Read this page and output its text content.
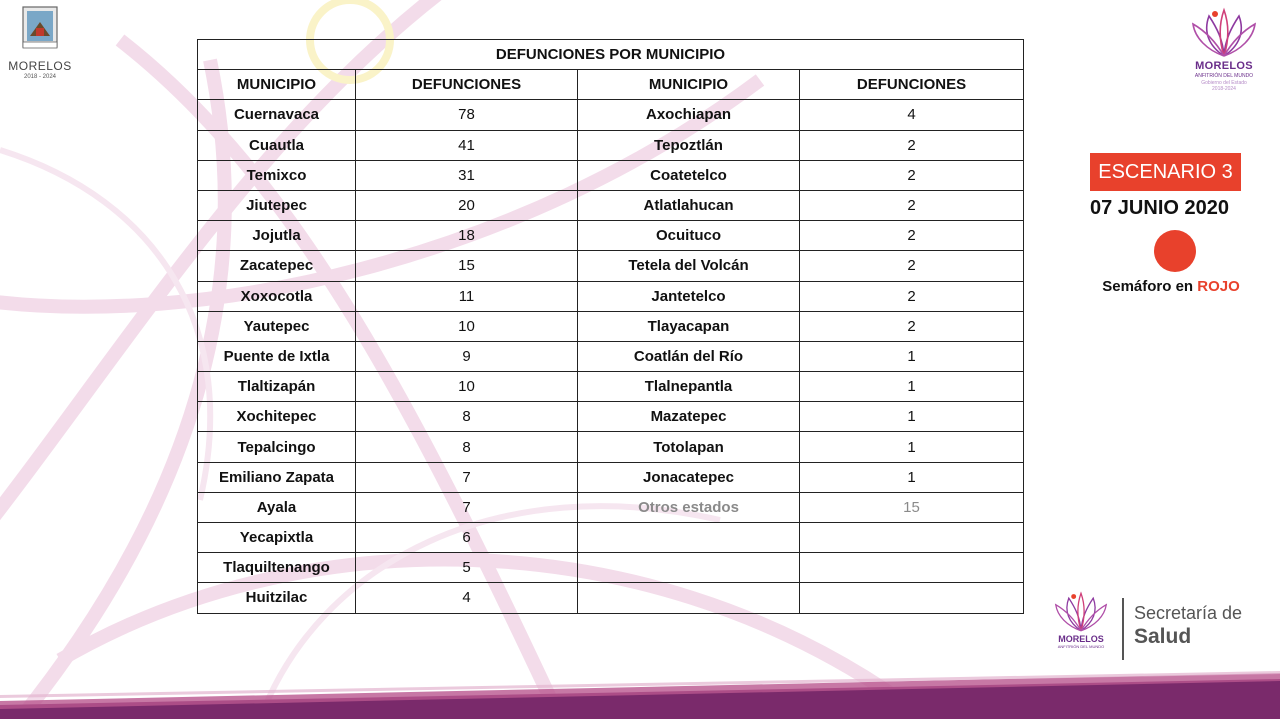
MORELOS
2018 - 2024
MORELOS
ANFITRIÓN DEL MUNDO
Gobierno del Estado
2018-2024
DEFUNCIONES POR MUNICIPIO			
MUNICIPIO	DEFUNCIONES	MUNICIPIO	DEFUNCIONES
Cuernavaca	78	Axochiapan	4
Cuautla	41	Tepoztlán	2
Temixco	31	Coatetelco	2
Jiutepec	20	Atlatlahucan	2
Jojutla	18	Ocuituco	2
Zacatepec	15	Tetela del Volcán	2
Xoxocotla	11	Jantetelco	2
Yautepec	10	Tlayacapan	2
Puente de Ixtla	9	Coatlán del Río	1
Tlaltizapán	10	Tlalnepantla	1
Xochitepec	8	Mazatepec	1
Tepalcingo	8	Totolapan	1
Emiliano Zapata	7	Jonacatepec	1
Ayala	7	Otros estados	15
Yecapixtla	6		
Tlaquiltenango	5		
Huitzilac	4		
ESCENARIO 3
07 JUNIO 2020
Semáforo en ROJO
MORELOS
ANFITRIÓN DEL MUNDO
Secretaría de
Salud
